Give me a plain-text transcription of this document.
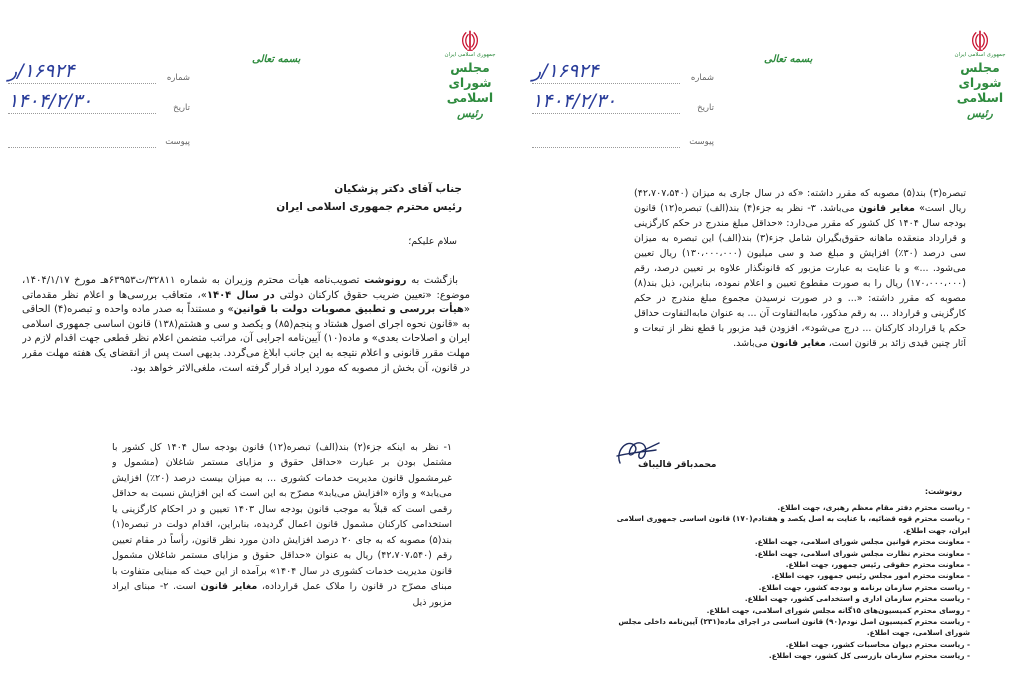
جمهوری اسلامی ایران
مجلس شورای اسلامی
رئیس
بسمه تعالی
شماره
۱۶۹۲۴/ر
تاریخ
۱۴۰۴/۲/۳۰
پیوست
جناب آقای دکتر پزشکیان
رئیس محترم جمهوری اسلامی ایران
سلام علیکم؛

بازگشت به رونوشت تصویب‌نامه هیأت محترم وزیران به شماره ۳۲۸۱۱/ت۶۳۹۵۳هـ مورخ ۱۴۰۴/۱/۱۷، موضوع: «تعیین ضریب حقوق کارکنان دولتی در سال ۱۴۰۴»، متعاقب بررسی‌ها و اعلام نظر مقدماتی «هیأت بررسی و تطبیق مصوبات دولت با قوانین» و مستنداً به صدر ماده واحده و تبصره(۴) الحاقی به «قانون نحوه اجرای اصول هشتاد و پنجم(۸۵) و یکصد و سی و هشتم(۱۳۸) قانون اساسی جمهوری اسلامی ایران و اصلاحات بعدی» و ماده(۱۰) آیین‌نامه اجرایی آن، مراتب متضمن اعلام نظر قطعی جهت اقدام لازم در مهلت مقرر قانونی و اعلام نتیجه به این جانب ابلاغ می‌گردد. بدیهی است پس از انقضای یک هفته مهلت مقرر در قانون، آن بخش از مصوبه که مورد ایراد قرار گرفته است، ملغی‌الاثر خواهد بود.

۱- نظر به اینکه جزء(۲) بند(الف) تبصره(۱۲) قانون بودجه سال ۱۴۰۴ کل کشور با مشتمل بودن بر عبارت «حداقل حقوق و مزایای مستمر شاغلان (مشمول و غیرمشمول قانون مدیریت خدمات کشوری ... به میزان بیست درصد (۲۰٪) افزایش می‌یابد» و واژه «افزایش می‌یابد» مصرّح به این است که این افزایش نسبت به حداقل رقمی است که قبلاً به موجب قانون بودجه سال ۱۴۰۳ تعیین و در احکام کارگزینی یا استخدامی کارکنان مشمول قانون اعمال گردیده، بنابراین، اقدام دولت در تبصره(۱) بند(۵) مصوبه که به جای ۲۰ درصد افزایش دادن مورد نظر قانون، رأساً در مقام تعیین رقم (۴۲،۷۰۷،۵۴۰) ریال به عنوان «حداقل حقوق و مزایای مستمر شاغلان مشمول قانون مدیریت خدمات کشوری در سال ۱۴۰۴» برآمده از این حیث که مبنایی متفاوت با مبنای مصرّح در قانون را ملاک عمل قرارداده، مغایر قانون است. ۲- مبنای ایراد مزبور ذیل

جمهوری اسلامی ایران
مجلس شورای اسلامی
رئیس
بسمه تعالی
شماره
۱۶۹۲۴/ر
تاریخ
۱۴۰۴/۲/۳۰
پیوست

تبصره(۳) بند(۵) مصوبه که مقرر داشته: «که در سال جاری به میزان (۴۲،۷۰۷،۵۴۰) ریال است» مغایر قانون می‌باشد. ۳- نظر به جزء(۴) بند(الف) تبصره(۱۲) قانون بودجه سال ۱۴۰۴ کل کشور که مقرر می‌دارد: «حداقل مبلغ مندرج در حکم کارگزینی و قرارداد منعقده ماهانه حقوق‌بگیران شامل جزء(۳) بند(الف) این تبصره به میزان سی درصد (۳۰٪) افزایش و مبلغ صد و سی میلیون (۱۳۰،۰۰۰،۰۰۰) ریال تعیین می‌شود. ...» و با عنایت به عبارت مزبور که قانونگذار علاوه بر تعیین درصد، رقم (۱۷۰،۰۰۰،۰۰۰) ریال را به صورت مقطوع تعیین و اعلام نموده، بنابراین، ذیل بند(۸) مصوبه که مقرر داشته: «... و در صورت نرسیدن مجموع مبلغ مندرج در حکم کارگزینی و قرارداد ... به رقم مذکور، مابه‌التفاوت آن ... به عنوان مابه‌التفاوت حداقل حکم یا قرارداد کارکنان ... درج می‌شود»، افزودن قید مزبور با قطع نظر از تبعات و آثار چنین قیدی زائد بر قانون است، مغایر قانون می‌باشد.

محمدباقر قالیباف
رونوشت:
- ریاست محترم دفتر مقام معظم رهبری، جهت اطلاع.
- ریاست محترم قوه قضائیه، با عنایت به اصل یکصد و هفتادم(۱۷۰) قانون اساسی جمهوری اسلامی ایران، جهت اطلاع.
- معاونت محترم قوانین مجلس شورای اسلامی، جهت اطلاع.
- معاونت محترم نظارت مجلس شورای اسلامی، جهت اطلاع.
- معاونت محترم حقوقی رئیس جمهور، جهت اطلاع.
- معاونت محترم امور مجلس رئیس جمهور، جهت اطلاع.
- ریاست محترم سازمان برنامه و بودجه کشور، جهت اطلاع.
- ریاست محترم سازمان اداری و استخدامی کشور، جهت اطلاع.
- روسای محترم کمیسیون‌های ۱۵گانه مجلس شورای اسلامی، جهت اطلاع.
- ریاست محترم کمیسیون اصل نودم(۹۰) قانون اساسی در اجرای ماده(۲۳۱) آیین‌نامه داخلی مجلس شورای اسلامی، جهت اطلاع.
- ریاست محترم دیوان محاسبات کشور، جهت اطلاع.
- ریاست محترم سازمان بازرسی کل کشور، جهت اطلاع.
